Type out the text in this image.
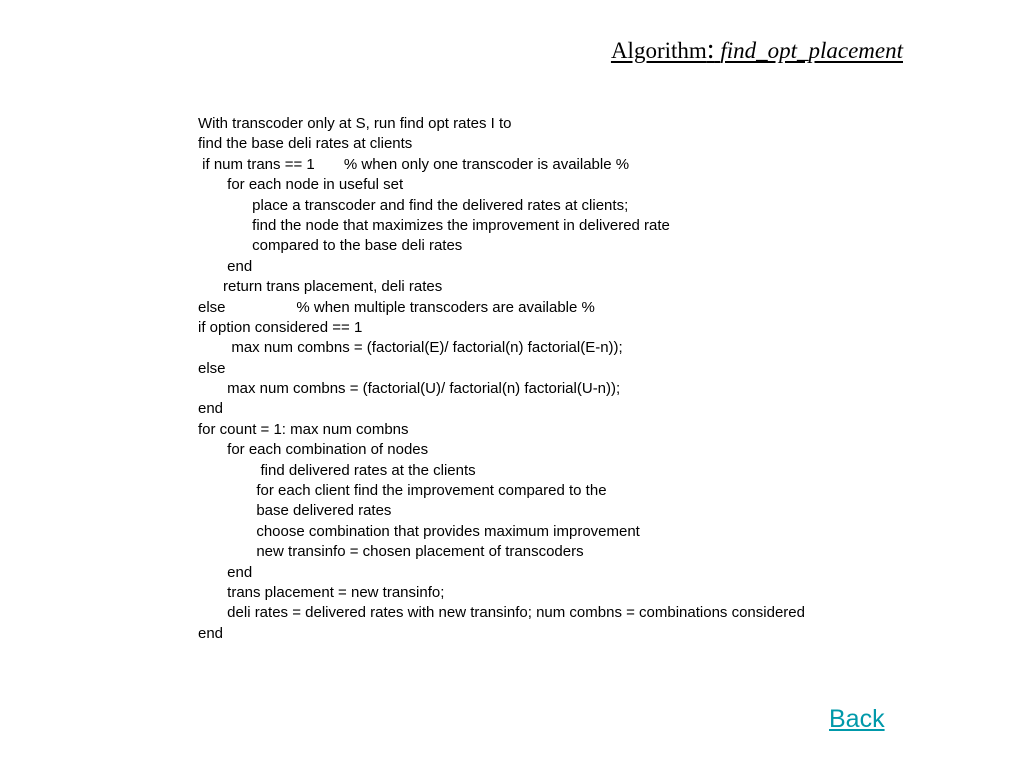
Algorithm: find_opt_placement
With transcoder only at S, run find opt rates I to
find the base deli rates at clients
if num trans == 1       % when only one transcoder is available %
for each node in useful set
place a transcoder and find the delivered rates at clients;
find the node that maximizes the improvement in delivered rate
compared to the base deli rates
end
return trans placement, deli rates
else                 % when multiple transcoders are available %
if option considered == 1
max num combns = (factorial(E)/ factorial(n) factorial(E-n));
else
max num combns = (factorial(U)/ factorial(n) factorial(U-n));
end
for count = 1: max num combns
for each combination of nodes
find delivered rates at the clients
for each client find the improvement compared to the
base delivered rates
choose combination that provides maximum improvement
new transinfo = chosen placement of transcoders
end
trans placement = new transinfo;
deli rates = delivered rates with new transinfo; num combns = combinations considered
end
Back
